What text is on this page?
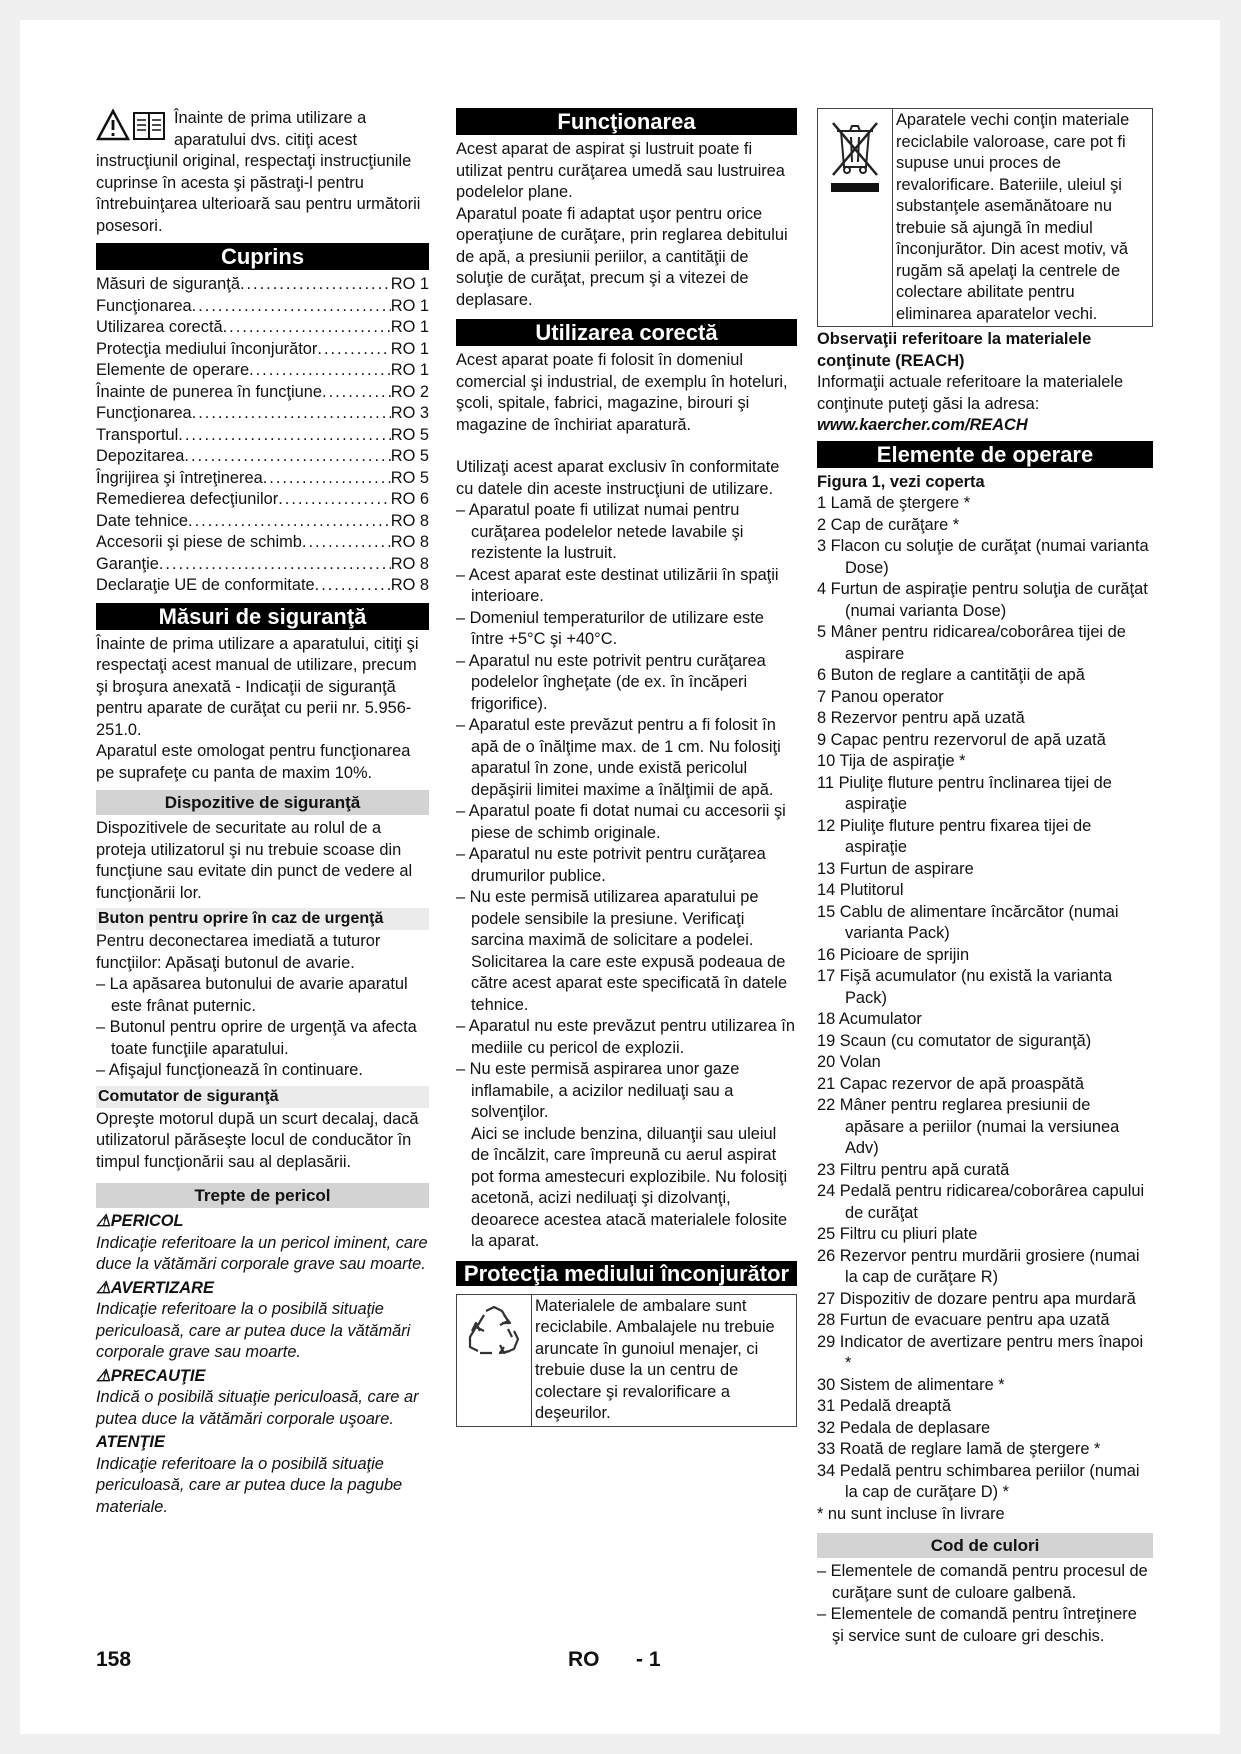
Înainte de prima utilizare a aparatului dvs. citiţi acest instrucţiunil original, respectaţi instrucţiunile cuprinse în acesta şi păstraţi-l pentru întrebuinţarea ulterioară sau pentru următorii posesori.

Cuprins
Măsuri de siguranţă .....	RO 1
Funcţionarea .....	RO 1
Utilizarea corectă .....	RO 1
Protecţia mediului înconjurător .....	RO 1
Elemente de operare .....	RO 1
Înainte de punerea în funcţiune .....	RO 2
Funcţionarea .....	RO 3
Transportul .....	RO 5
Depozitarea .....	RO 5
Îngrijirea şi întreţinerea .....	RO 5
Remedierea defecţiunilor .....	RO 6
Date tehnice .....	RO 8
Accesorii şi piese de schimb .....	RO 8
Garanţie .....	RO 8
Declaraţie UE de conformitate .....	RO 8
Măsuri de siguranţă

Înainte de prima utilizare a aparatului, citiţi şi respectaţi acest manual de utilizare, precum şi broşura anexată - Indicaţii de siguranţă pentru aparate de curăţat cu perii nr. 5.956-251.0.

Aparatul este omologat pentru funcţionarea pe suprafeţe cu panta de maxim 10%.

Dispozitive de siguranţă

Dispozitivele de securitate au rolul de a proteja utilizatorul şi nu trebuie scoase din funcţiune sau evitate din punct de vedere al funcţionării lor.

Buton pentru oprire în caz de urgenţă

Pentru deconectarea imediată a tuturor funcţiilor: Apăsaţi butonul de avarie.

– La apăsarea butonului de avarie aparatul este frânat puternic.

– Butonul pentru oprire de urgenţă va afecta toate funcţiile aparatului.

– Afişajul funcţionează în continuare.

Comutator de siguranţă

Opreşte motorul după un scurt decalaj, dacă utilizatorul părăseşte locul de conducător în timpul funcţionării sau al deplasării.

Trepte de pericol

⚠PERICOL

Indicaţie referitoare la un pericol iminent, care duce la vătămări corporale grave sau moarte.

⚠AVERTIZARE

Indicaţie referitoare la o posibilă situaţie periculoasă, care ar putea duce la vătămări corporale grave sau moarte.

⚠PRECAUŢIE

Indică o posibilă situaţie periculoasă, care ar putea duce la vătămări corporale uşoare.

ATENŢIE

Indicaţie referitoare la o posibilă situaţie periculoasă, care ar putea duce la pagube materiale.

Funcţionarea

Acest aparat de aspirat şi lustruit poate fi utilizat pentru curăţarea umedă sau lustruirea podelelor plane.

Aparatul poate fi adaptat uşor pentru orice operaţiune de curăţare, prin reglarea debitului de apă, a presiunii periilor, a cantităţii de soluţie de curăţat, precum şi a vitezei de deplasare.

Utilizarea corectă

Acest aparat poate fi folosit în domeniul comercial şi industrial, de exemplu în hoteluri, şcoli, spitale, fabrici, magazine, birouri şi magazine de închiriat aparatură.

Utilizaţi acest aparat exclusiv în conformitate cu datele din aceste instrucţiuni de utilizare.

– Aparatul poate fi utilizat numai pentru curăţarea podelelor netede lavabile şi rezistente la lustruit.

– Acest aparat este destinat utilizării în spaţii interioare.

– Domeniul temperaturilor de utilizare este între +5°C şi +40°C.

– Aparatul nu este potrivit pentru curăţarea podelelor îngheţate (de ex. în încăperi frigorifice).

– Aparatul este prevăzut pentru a fi folosit în apă de o înălţime max. de 1 cm. Nu folosiţi aparatul în zone, unde există pericolul depăşirii limitei maxime a înălţimii de apă.

– Aparatul poate fi dotat numai cu accesorii şi piese de schimb originale.

– Aparatul nu este potrivit pentru curăţarea drumurilor publice.

– Nu este permisă utilizarea aparatului pe podele sensibile la presiune. Verificaţi sarcina maximă de solicitare a podelei. Solicitarea la care este expusă podeaua de către acest aparat este specificată în datele tehnice.

– Aparatul nu este prevăzut pentru utilizarea în mediile cu pericol de explozii.

– Nu este permisă aspirarea unor gaze inflamabile, a acizilor nediluaţi sau a solvenţilor.

Aici se include benzina, diluanţii sau uleiul de încălzit, care împreună cu aerul aspirat pot forma amestecuri explozibile. Nu folosiţi acetonă, acizi nediluaţi şi dizolvanţi, deoarece acestea atacă materialele folosite la aparat.

Protecţia mediului înconjurător
Materialele de ambalare sunt reciclabile. Ambalajele nu trebuie aruncate în gunoiul menajer, ci trebuie duse la un centru de colectare şi revalorificare a deşeurilor.
Aparatele vechi conţin materiale reciclabile valoroase, care pot fi supuse unui proces de revalorificare. Bateriile, uleiul şi substanţele asemănătoare nu trebuie să ajungă în mediul înconjurător. Din acest motiv, vă rugăm să apelaţi la centrele de colectare abilitate pentru eliminarea aparatelor vechi.

Observaţii referitoare la materialele conţinute (REACH)

Informaţii actuale referitoare la materialele conţinute puteţi găsi la adresa:

www.kaercher.com/REACH

Elemente de operare

Figura 1, vezi coperta

1 Lamă de ştergere *

2 Cap de curăţare *

3 Flacon cu soluţie de curăţat (numai varianta Dose)

4 Furtun de aspiraţie pentru soluţia de curăţat (numai varianta Dose)

5 Mâner pentru ridicarea/coborârea tijei de aspirare

6 Buton de reglare a cantităţii de apă

7 Panou operator

8 Rezervor pentru apă uzată

9 Capac pentru rezervorul de apă uzată

10 Tija de aspiraţie *

11 Piuliţe fluture pentru înclinarea tijei de aspiraţie

12 Piuliţe fluture pentru fixarea tijei de aspiraţie

13 Furtun de aspirare

14 Plutitorul

15 Cablu de alimentare încărcător (numai varianta Pack)

16 Picioare de sprijin

17 Fişă acumulator (nu există la varianta Pack)

18 Acumulator

19 Scaun (cu comutator de siguranţă)

20 Volan

21 Capac rezervor de apă proaspătă

22 Mâner pentru reglarea presiunii de apăsare a periilor (numai la versiunea Adv)

23 Filtru pentru apă curată

24 Pedală pentru ridicarea/coborârea capului de curăţat

25 Filtru cu pliuri plate

26 Rezervor pentru murdării grosiere (numai la cap de curăţare R)

27 Dispozitiv de dozare pentru apa murdară

28 Furtun de evacuare pentru apa uzată

29 Indicator de avertizare pentru mers înapoi *

30 Sistem de alimentare *

31 Pedală dreaptă

32 Pedala de deplasare

33 Roată de reglare lamă de ştergere *

34 Pedală pentru schimbarea periilor (numai la cap de curăţare D) *

* nu sunt incluse în livrare

Cod de culori

– Elementele de comandă pentru procesul de curăţare sunt de culoare galbenă.

– Elementele de comandă pentru întreţinere şi service sunt de culoare gri deschis.

158	RO - 1
